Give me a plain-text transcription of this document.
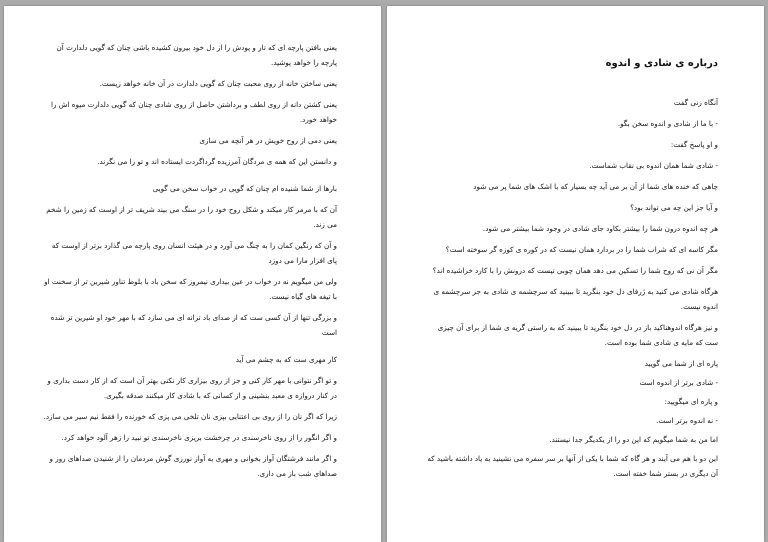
یعنی بافتن پارچه ای که تار و پودش را از دل خود بیرون کشیده باشی چنان که گویی دلدارت آن پارچه را خواهد پوشید.

یعنی ساختن خانه از روی محبت چنان که گویی دلدارت در آن خانه خواهد زیست.

یعنی کشتن دانه از روی لطف و برداشتن حاصل از روی شادی چنان که گویی دلدارت میوه اش را خواهد خورد.

یعنی دمی از روح خویش در هر آنچه می سازی

و دانستن این که همه ی مردگان آمرزیده گرداگردت ایستاده اند و تو را می نگرند.

بارها از شما شنیده ام چنان که گویی در خواب سخن می گویی

آن که با مرمر کار میکند و شکل روح خود را در سنگ می بیند شریف تر از اوست که زمین را شخم می زند.

و آن که رنگین کمان را به چنگ می آورد و در هیئت انسان روی پارچه می گذارد برتر از اوست که پای افزار مارا می دوزد

ولی من میگویم نه در خواب در عین بیداری نیمروز که سخن باد با بلوط تناور شیرین تر از سخنت او با تیغه های گیاه نیست.

و بزرگی تنها از آن کسی ست که از صدای باد ترانه ای می سازد که با مهر خود او شیرین تر شده است

کار مهری ست که به چشم می آید

و تو اگر نتوانی با مهر کار کنی و جز از روی بیزاری کار نکنی بهتر آن است که از کار دست بداری و در کنار دروازه ی معبد بنشینی و از کسانی که با شادی کار میکنند صدقه بگیری.

زیرا که اگر نان را از روی بی اعتنایی بپزی نان تلخی می پزی که خورنده را فقط نیم سیر می سازد.

و اگر انگور را از روی ناخرسندی در چرخشت بریزی ناخرسندی تو نبید را زهر آلود خواهد کرد.

و اگر مانند فرشتگان آواز بخوانی و مهری به آواز نورزی گوش مردمان را از شنیدن صداهای روز و صداهای شب باز می داری.

درباره ی شادی و اندوه

آنگاه زنی گفت

- با ما از شادی و اندوه سخن بگو.

و او پاسخ گفت:

- شادی شما همان اندوه بی نقاب شماست.

چاهی که خنده های شما از آن بر می آید چه بسیار که با اشک های شما پر می شود

و آیا جز این چه می تواند بود؟

هر چه اندوه درون شما را بیشتر بکاود جای شادی در وجود شما بیشتر می شود.

مگر کاسه ای که شراب شما را در بردارد همان نیست که در کوره ی کوزه گر سوخته است؟

مگر آن نی که روح شما را تسکین می دهد همان چوبی نیست که درونش را با کارد خراشیده اند؟

هرگاه شادی می کنید به ژرفای دل خود بنگرید تا ببینید که سرچشمه ی شادی به جز سرچشمه ی اندوه نیست.

و نیز هرگاه اندوهناکید باز در دل خود بنگرید تا ببینید که به راستی گریه ی شما از برای آن چیزی ست که مایه ی شادی شما بوده است.

پاره ای از شما می گویید

- شادی برتر از اندوه است

و پاره ای میگویید:

- نه اندوه برتر است.

اما من به شما میگویم که این دو را از یکدیگر جدا نیستند.

این دو با هم می آیند و هر گاه که شما با یکی از آنها بر سر سفره می نشینید به یاد داشته باشید که آن دیگری در بستر شما خفته است.
